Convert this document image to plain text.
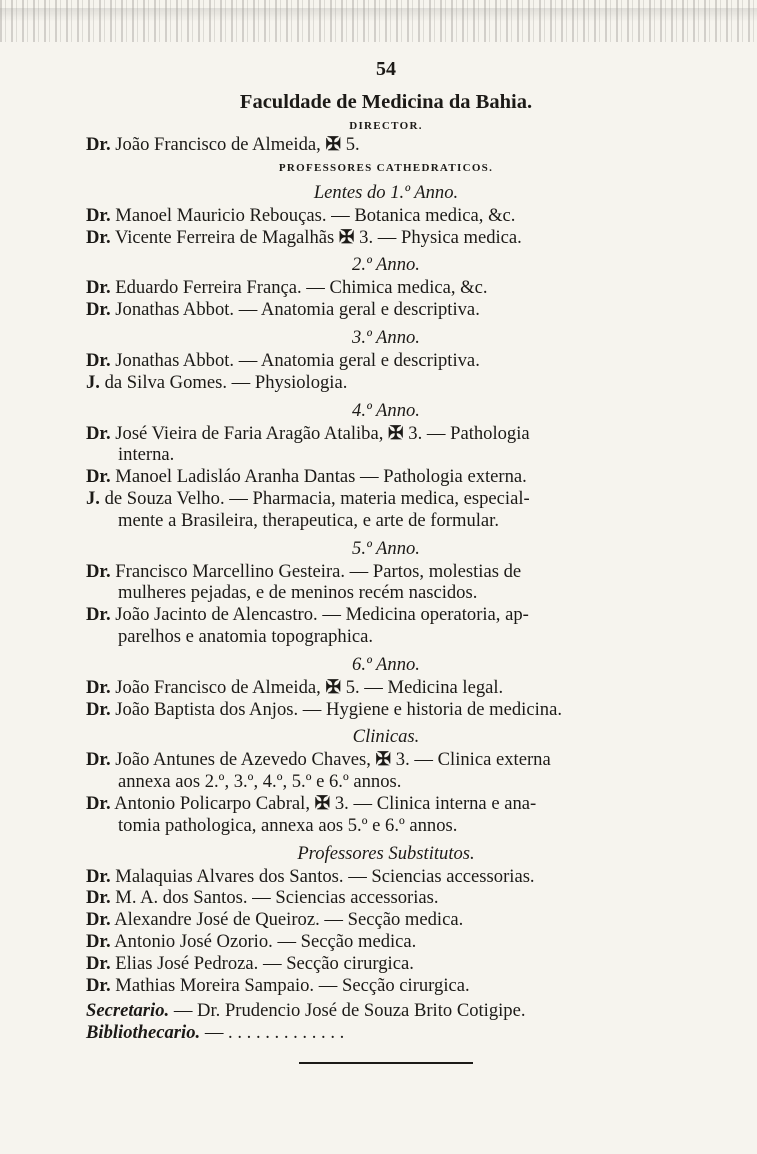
54
Faculdade de Medicina da Bahia.
DIRECTOR.
Dr. João Francisco de Almeida, ✠ 5.
PROFESSORES CATHEDRATICOS.
Lentes do 1.º Anno.
Dr. Manoel Mauricio Rebouças. — Botanica medica, &c.
Dr. Vicente Ferreira de Magalhãs ✠ 3. — Physica medica.
2.º Anno.
Dr. Eduardo Ferreira França. — Chimica medica, &c.
Dr. Jonathas Abbot. — Anatomia geral e descriptiva.
3.º Anno.
Dr. Jonathas Abbot. — Anatomia geral e descriptiva.
J. da Silva Gomes. — Physiologia.
4.º Anno.
Dr. José Vieira de Faria Aragão Ataliba, ✠ 3. — Pathologia
interna.
Dr. Manoel Ladisláo Aranha Dantas — Pathologia externa.
J. de Souza Velho. — Pharmacia, materia medica, especial-
mente a Brasileira, therapeutica, e arte de formular.
5.º Anno.
Dr. Francisco Marcellino Gesteira. — Partos, molestias de
mulheres pejadas, e de meninos recém nascidos.
Dr. João Jacinto de Alencastro. — Medicina operatoria, ap-
parelhos e anatomia topographica.
6.º Anno.
Dr. João Francisco de Almeida, ✠ 5. — Medicina legal.
Dr. João Baptista dos Anjos. — Hygiene e historia de medicina.
Clinicas.
Dr. João Antunes de Azevedo Chaves, ✠ 3. — Clinica externa
annexa aos 2.º, 3.º, 4.º, 5.º e 6.º annos.
Dr. Antonio Policarpo Cabral, ✠ 3. — Clinica interna e ana-
tomia pathologica, annexa aos 5.º e 6.º annos.
Professores Substitutos.
Dr. Malaquias Alvares dos Santos. — Sciencias accessorias.
Dr. M. A. dos Santos. — Sciencias accessorias.
Dr. Alexandre José de Queiroz. — Secção medica.
Dr. Antonio José Ozorio. — Secção medica.
Dr. Elias José Pedroza. — Secção cirurgica.
Dr. Mathias Moreira Sampaio. — Secção cirurgica.
Secretario. — Dr. Prudencio José de Souza Brito Cotigipe.
Bibliothecario. — . . . . . . . . . . . . .
